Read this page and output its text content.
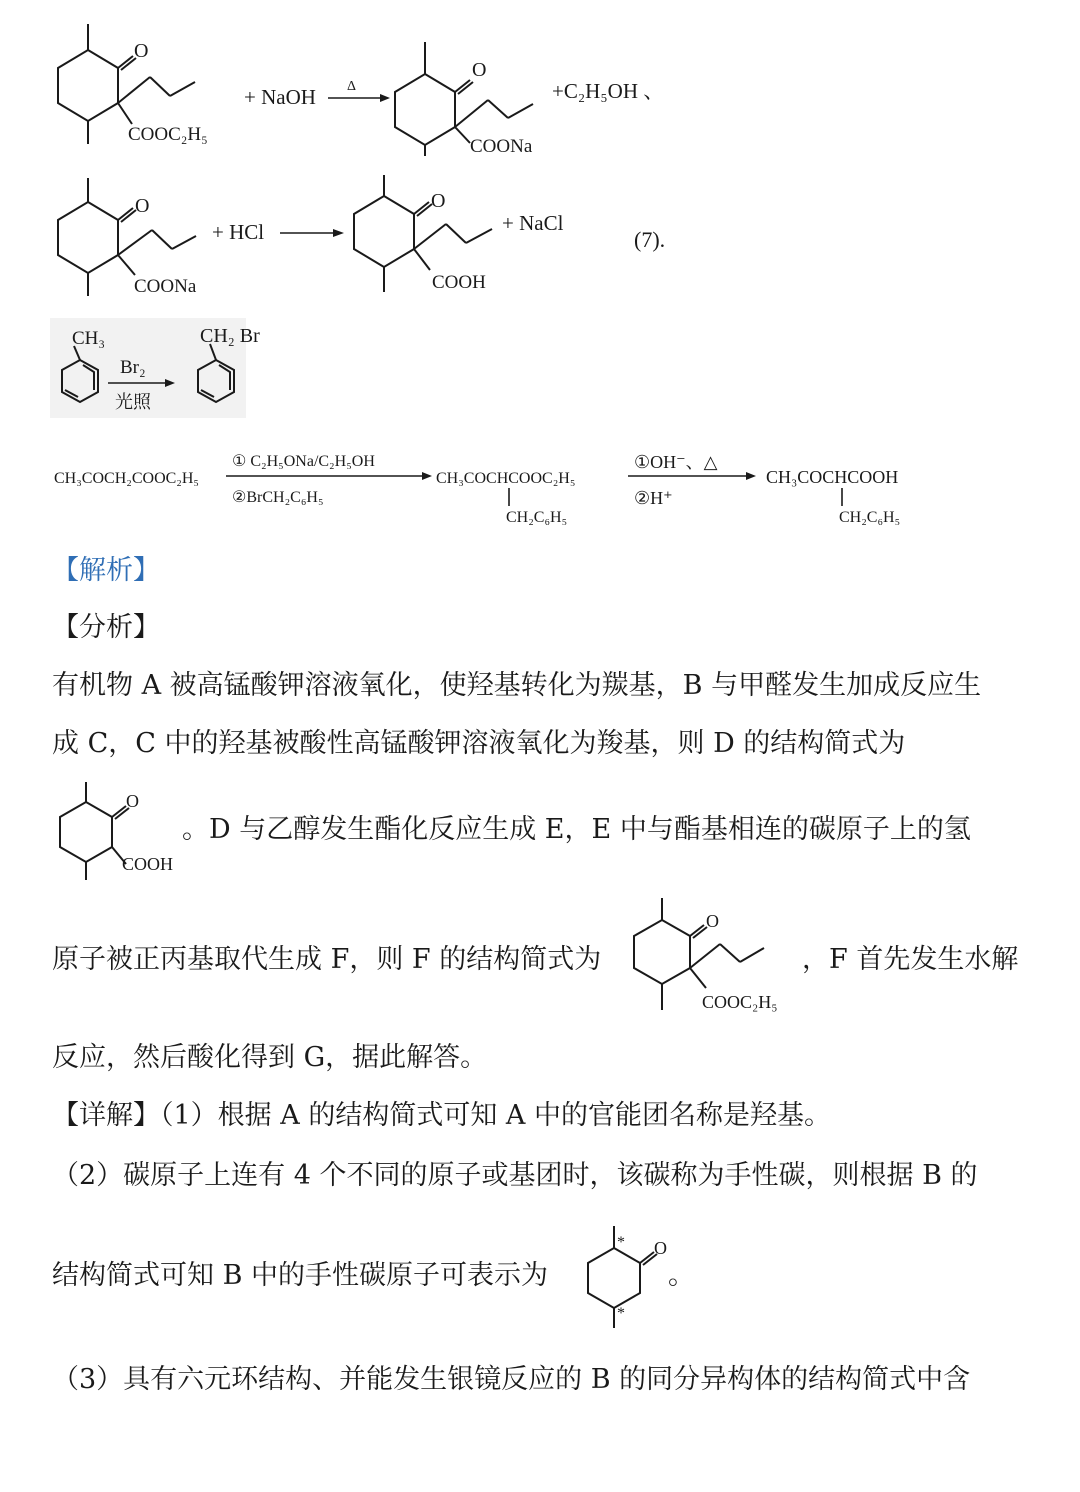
O
COOC₂H₅
+ NaOH Δ
O
COONa
+C₂H₅OH 、
O
COONa
+ HCl
O
COOH
+ NaCl
(7).
CH₃
Br₂
光照
CH₂ Br
CH₃COCH₂COOC₂H₅
① C₂H₅ONa/C₂H₅OH
②BrCH₂C₆H₅
CH₃COCHCOOC₂H₅
CH₂C₆H₅
①OH⁻、△
②H⁺
CH₃COCHCOOH
CH₂C₆H₅
【解析】
【分析】
有机物 A 被高锰酸钾溶液氧化，使羟基转化为羰基，B 与甲醛发生加成反应生
成 C，C 中的羟基被酸性高锰酸钾溶液氧化为羧基，则 D 的结构简式为
O
COOH
。D 与乙醇发生酯化反应生成 E，E 中与酯基相连的碳原子上的氢
原子被正丙基取代生成 F，则 F 的结构简式为
O
COOC₂H₅
，F 首先发生水解
反应，然后酸化得到 G，据此解答。
【详解】（1）根据 A 的结构简式可知 A 中的官能团名称是羟基。
（2）碳原子上连有 4 个不同的原子或基团时，该碳称为手性碳，则根据 B 的
结构简式可知 B 中的手性碳原子可表示为
*
*
O
。
（3）具有六元环结构、并能发生银镜反应的 B 的同分异构体的结构简式中含
